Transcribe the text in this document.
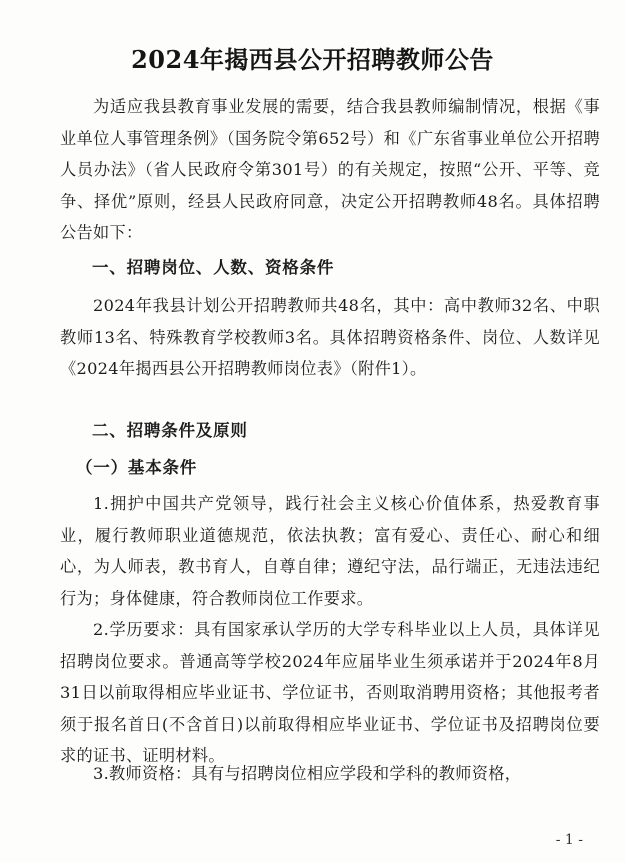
2024年揭西县公开招聘教师公告

为适应我县教育事业发展的需要，结合我县教师编制情况，根据《事业单位人事管理条例》（国务院令第652号）和《广东省事业单位公开招聘人员办法》（省人民政府令第301号）的有关规定，按照“公开、平等、竞争、择优”原则，经县人民政府同意，决定公开招聘教师48名。具体招聘公告如下：

一、招聘岗位、人数、资格条件

2024年我县计划公开招聘教师共48名，其中：高中教师32名、中职教师13名、特殊教育学校教师3名。具体招聘资格条件、岗位、人数详见《2024年揭西县公开招聘教师岗位表》（附件1）。

二、招聘条件及原则

（一）基本条件

1.拥护中国共产党领导，践行社会主义核心价值体系，热爱教育事业，履行教师职业道德规范，依法执教；富有爱心、责任心、耐心和细心，为人师表，教书育人，自尊自律；遵纪守法，品行端正，无违法违纪行为；身体健康，符合教师岗位工作要求。

2.学历要求：具有国家承认学历的大学专科毕业以上人员，具体详见招聘岗位要求。普通高等学校2024年应届毕业生须承诺并于2024年8月31日以前取得相应毕业证书、学位证书，否则取消聘用资格；其他报考者须于报名首日(不含首日)以前取得相应毕业证书、学位证书及招聘岗位要求的证书、证明材料。

3.教师资格：具有与招聘岗位相应学段和学科的教师资格，

- 1 -
